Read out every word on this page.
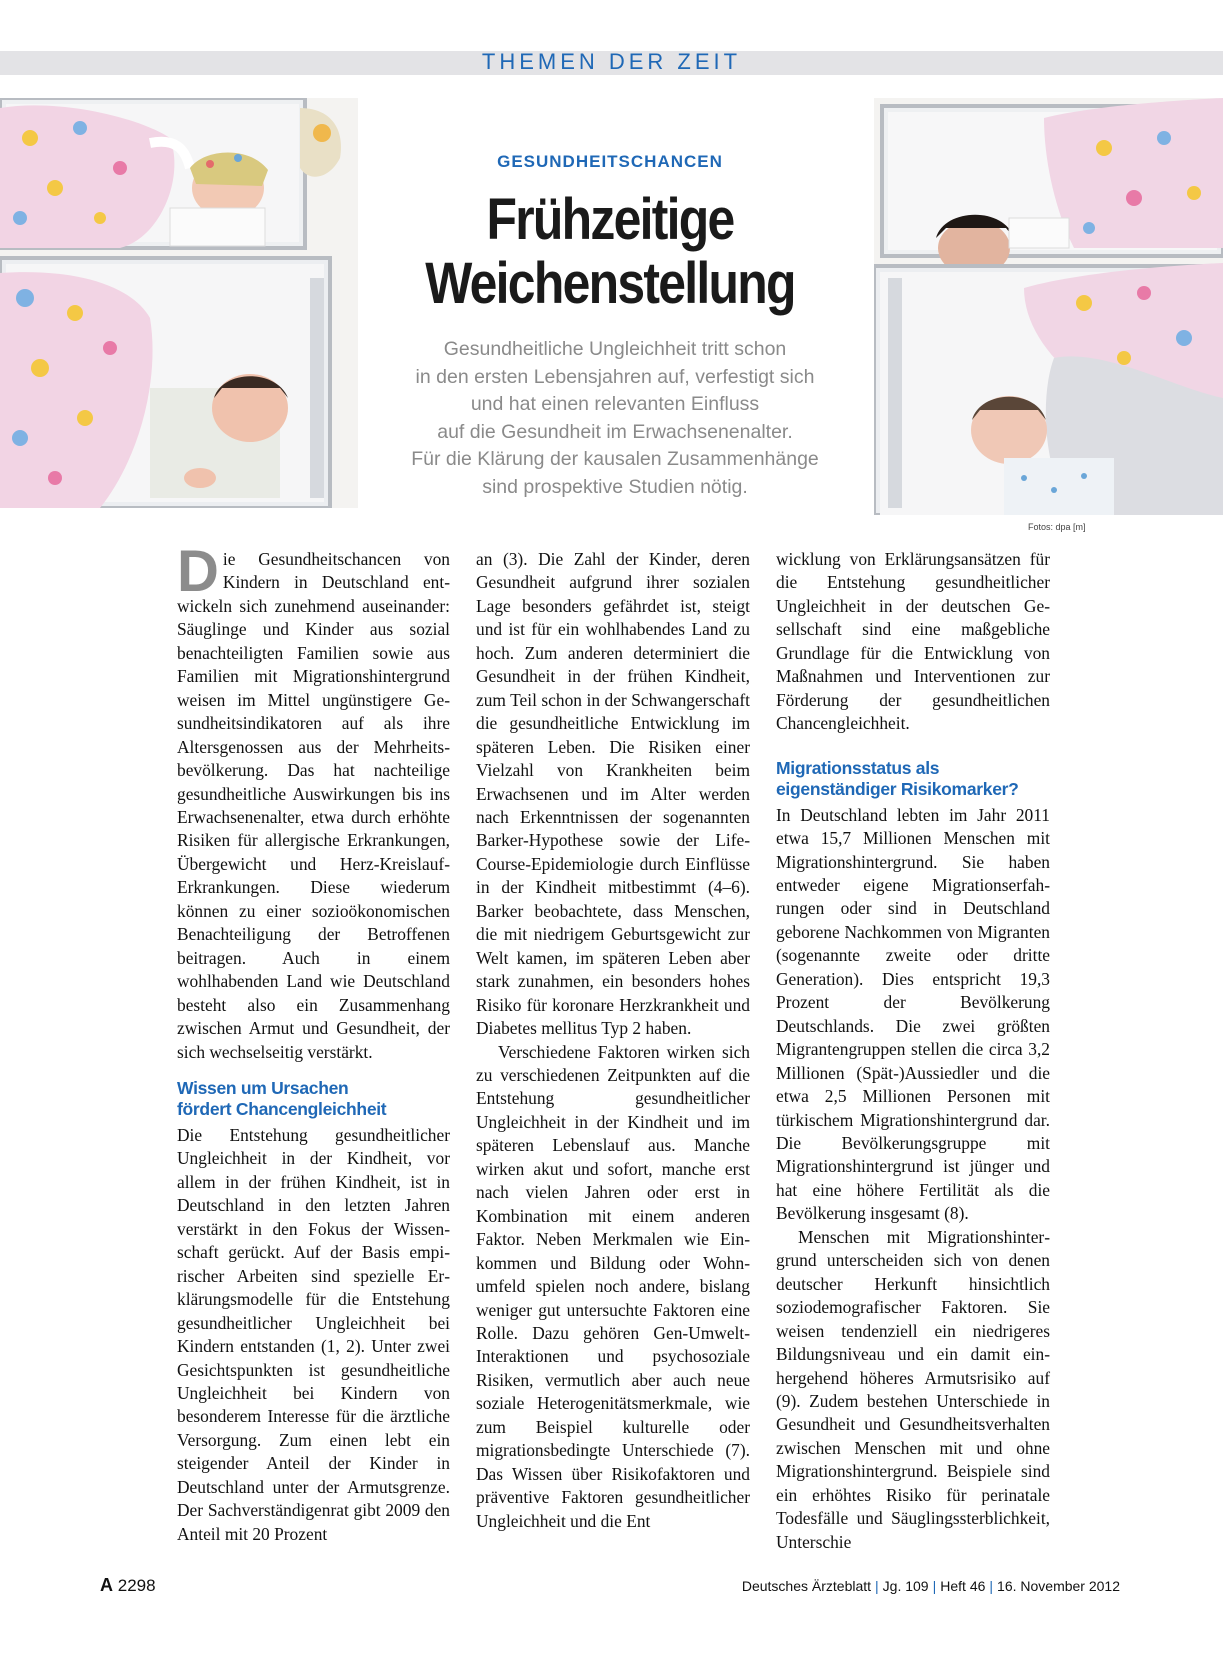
THEMEN DER ZEIT
GESUNDHEITSCHANCEN
Frühzeitige
Weichenstellung
Gesundheitliche Ungleichheit tritt schon
in den ersten Lebensjahren auf, verfestigt sich
und hat einen relevanten Einfluss
auf die Gesundheit im Erwachsenenalter.
Für die Klärung der kausalen Zusammenhänge
sind prospektive Studien nötig.
Fotos: dpa [m]

Die Gesundheitschancen von Kindern in Deutschland entwickeln sich zunehmend auseinander: Säuglinge und Kinder aus sozial benachteiligten Familien sowie aus Familien mit Migrationshintergrund weisen im Mittel ungünstigere Gesundheitsindikatoren auf als ihre Altersgenossen aus der Mehrheitsbevölkerung. Das hat nachteilige gesundheitliche Auswirkungen bis ins Erwachsenenalter, etwa durch erhöhte Risiken für allergische Erkrankungen, Übergewicht und Herz-Kreislauf-Erkrankungen. Diese wiederum können zu einer sozioökonomischen Benachteiligung der Betroffenen beitragen. Auch in einem wohlhabenden Land wie Deutschland besteht also ein Zusammenhang zwischen Armut und Gesundheit, der sich wechselseitig verstärkt.

Wissen um Ursachen
fördert Chancengleichheit

Die Entstehung gesundheitlicher Ungleichheit in der Kindheit, vor allem in der frühen Kindheit, ist in Deutschland in den letzten Jahren verstärkt in den Fokus der Wissenschaft gerückt. Auf der Basis empirischer Arbeiten sind spezielle Erklärungsmodelle für die Entstehung gesundheitlicher Ungleichheit bei Kindern entstanden (1, 2). Unter zwei Gesichtspunkten ist gesundheitliche Ungleichheit bei Kindern von besonderem Interesse für die ärztliche Versorgung. Zum einen lebt ein steigender Anteil der Kinder in Deutschland unter der Armutsgrenze. Der Sachverständigenrat gibt 2009 den Anteil mit 20 Prozent

an (3). Die Zahl der Kinder, deren Gesundheit aufgrund ihrer sozialen Lage besonders gefährdet ist, steigt und ist für ein wohlhabendes Land zu hoch. Zum anderen determiniert die Gesundheit in der frühen Kindheit, zum Teil schon in der Schwangerschaft die gesundheitliche Entwicklung im späteren Leben. Die Risiken einer Vielzahl von Krankheiten beim Erwachsenen und im Alter werden nach Erkenntnissen der sogenannten Barker-Hypothese sowie der Life-Course-Epidemiologie durch Einflüsse in der Kindheit mitbestimmt (4–6). Barker beobachtete, dass Menschen, die mit niedrigem Geburtsgewicht zur Welt kamen, im späteren Leben aber stark zunahmen, ein besonders hohes Risiko für koronare Herzkrankheit und Diabetes mellitus Typ 2 haben.

Verschiedene Faktoren wirken sich zu verschiedenen Zeitpunkten auf die Entstehung gesundheitlicher Ungleichheit in der Kindheit und im späteren Lebenslauf aus. Manche wirken akut und sofort, manche erst nach vielen Jahren oder erst in Kombination mit einem anderen Faktor. Neben Merkmalen wie Einkommen und Bildung oder Wohnumfeld spielen noch andere, bislang weniger gut untersuchte Faktoren eine Rolle. Dazu gehören Gen-Umwelt-Interaktionen und psychosoziale Risiken, vermutlich aber auch neue soziale Heterogenitätsmerkmale, wie zum Beispiel kulturelle oder migrationsbedingte Unterschiede (7). Das Wissen über Risikofaktoren und präventive Faktoren gesundheitlicher Ungleichheit und die Ent

wicklung von Erklärungsansätzen für die Entstehung gesundheitlicher Ungleichheit in der deutschen Gesellschaft sind eine maßgebliche Grundlage für die Entwicklung von Maßnahmen und Interventionen zur Förderung der gesundheitlichen Chancengleichheit.

Migrationsstatus als
eigenständiger Risikomarker?

In Deutschland lebten im Jahr 2011 etwa 15,7 Millionen Menschen mit Migrationshintergrund. Sie haben entweder eigene Migrationserfahrungen oder sind in Deutschland geborene Nachkommen von Migranten (sogenannte zweite oder dritte Generation). Dies entspricht 19,3 Prozent der Bevölkerung Deutschlands. Die zwei größten Migrantengruppen stellen die circa 3,2 Millionen (Spät-)Aussiedler und die etwa 2,5 Millionen Personen mit türkischem Migrationshintergrund dar. Die Bevölkerungsgruppe mit Migrationshintergrund ist jünger und hat eine höhere Fertilität als die Bevölkerung insgesamt (8).

Menschen mit Migrationshintergrund unterscheiden sich von denen deutscher Herkunft hinsichtlich soziodemografischer Faktoren. Sie weisen tendenziell ein niedrigeres Bildungsniveau und ein damit einhergehend höheres Armutsrisiko auf (9). Zudem bestehen Unterschiede in Gesundheit und Gesundheitsverhalten zwischen Menschen mit und ohne Migrationshintergrund. Beispiele sind ein erhöhtes Risiko für perinatale Todesfälle und Säuglingssterblichkeit, Unterschie

A 2298	Deutsches Ärzteblatt | Jg. 109 | Heft 46 | 16. November 2012
